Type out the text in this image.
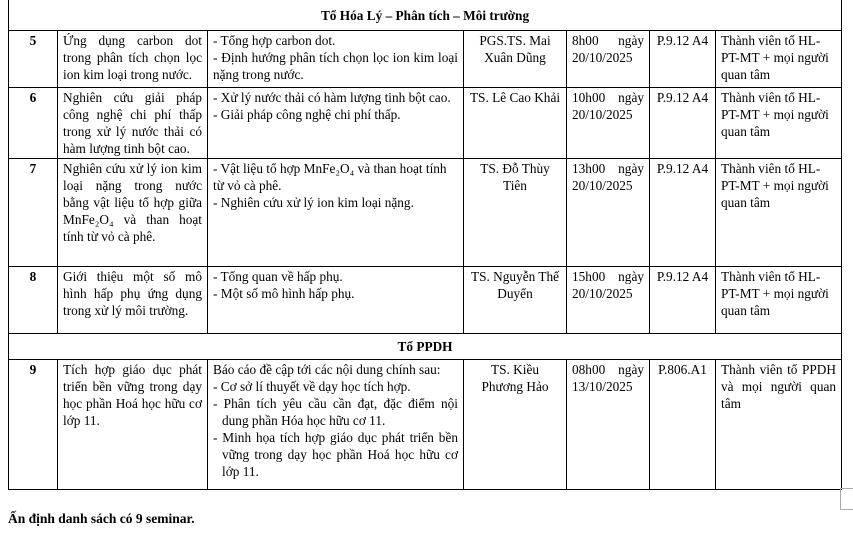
Tổ Hóa Lý – Phân tích – Môi trường						
5	Ứng dụng carbon dot trong phân tích chọn lọc ion kim loại trong nước.	- Tổng hợp carbon dot.
- Định hướng phân tích chọn lọc ion kim loại nặng trong nước.	PGS.TS. Mai Xuân Dũng	8h00 ngày 20/10/2025	P.9.12 A4	Thành viên tổ HL-PT-MT + mọi người quan tâm
6	Nghiên cứu giải pháp công nghệ chi phí thấp trong xử lý nước thải có hàm lượng tinh bột cao.	- Xử lý nước thải có hàm lượng tinh bột cao.
- Giải pháp công nghệ chi phí thấp.	TS. Lê Cao Khải	10h00 ngày 20/10/2025	P.9.12 A4	Thành viên tổ HL-PT-MT + mọi người quan tâm
7	Nghiên cứu xử lý ion kim loại nặng trong nước bằng vật liệu tổ hợp giữa MnFe₂O₄ và than hoạt tính từ vỏ cà phê.	- Vật liệu tổ hợp MnFe₂O₄ và than hoạt tính từ vỏ cà phê.
- Nghiên cứu xử lý ion kim loại nặng.	TS. Đỗ Thùy Tiên	13h00 ngày 20/10/2025	P.9.12 A4	Thành viên tổ HL-PT-MT + mọi người quan tâm
8	Giới thiệu một số mô hình hấp phụ ứng dụng trong xử lý môi trường.	- Tổng quan về hấp phụ.
- Một số mô hình hấp phụ.	TS. Nguyễn Thế Duyển	15h00 ngày 20/10/2025	P.9.12 A4	Thành viên tổ HL-PT-MT + mọi người quan tâm
Tổ PPDH						
9	Tích hợp giáo dục phát triển bền vững trong dạy học phần Hoá học hữu cơ lớp 11.	Báo cáo đề cập tới các nội dung chính sau:
- Cơ sở lí thuyết về dạy học tích hợp.
- Phân tích yêu cầu cần đạt, đặc điểm nội dung phần Hóa học hữu cơ 11.
- Minh họa tích hợp giáo dục phát triển bền vững trong dạy học phần Hoá học hữu cơ lớp 11.	TS. Kiều Phương Hảo	08h00 ngày 13/10/2025	P.806.A1	Thành viên tổ PPDH và mọi người quan tâm
Ấn định danh sách có 9 seminar.
